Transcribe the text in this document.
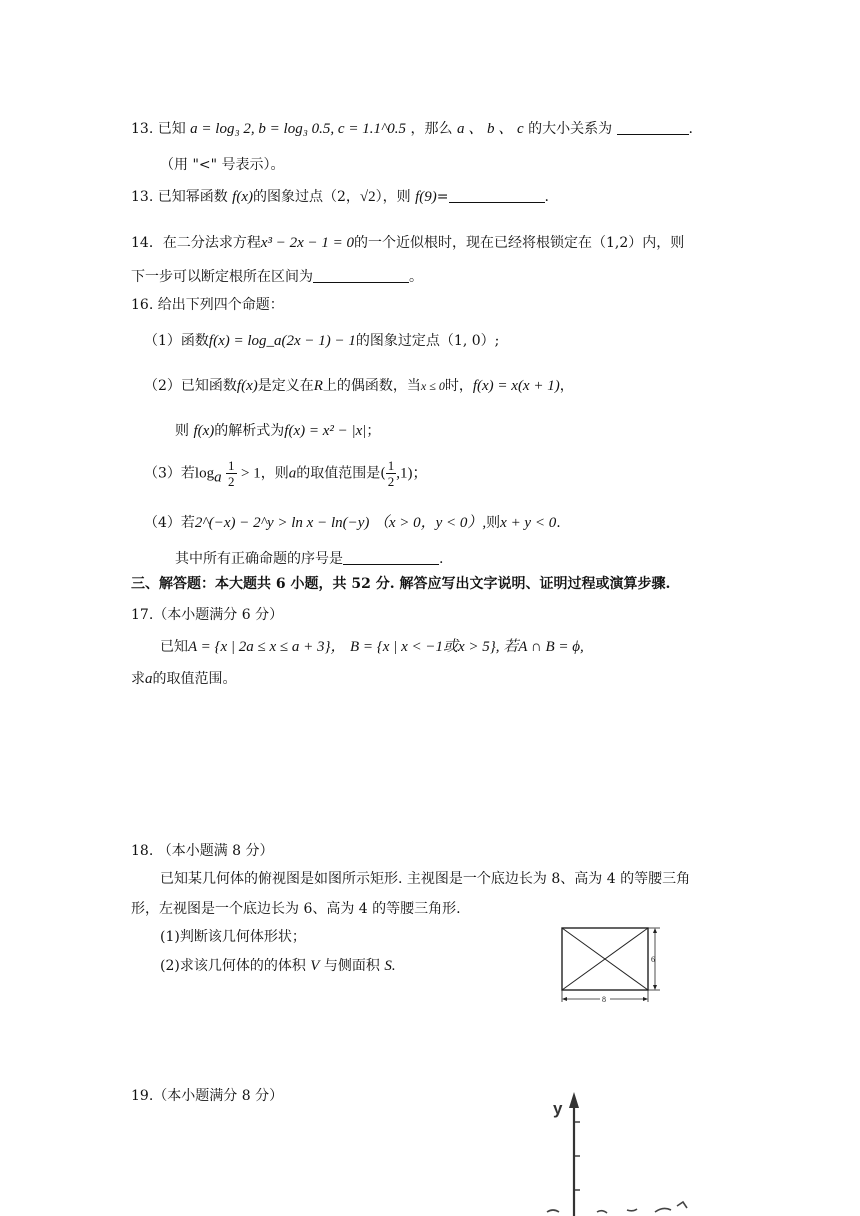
13. 已知 a = log₃ 2, b = log₃ 0.5, c = 1.1^0.5 ，那么 a 、 b 、 c 的大小关系为	.
（用 "<" 号表示）。
13. 已知幂函数 f(x)的图象过点（2，√2），则 f(9)=	.
14．在二分法求方程x³ − 2x − 1 = 0的一个近似根时，现在已经将根锁定在（1,2）内，则
下一步可以断定根所在区间为	。
16. 给出下列四个命题：
（1）函数f(x) = log_a(2x − 1) − 1的图象过定点（1, 0）;
（2）已知函数f(x)是定义在R上的偶函数，当x ≤ 0时，f(x) = x(x + 1)，
则 f(x)的解析式为f(x) = x² − |x|；
（3）若$\log_a \frac{1}{2} > 1$，则a的取值范围是( $\frac{1}{2} ,1$)；
（4）若2^(−x) − 2^y > ln x − ln(−y) （x > 0，y < 0）,则x + y < 0.
其中所有正确命题的序号是	.
三、解答题：本大题共 6 小题，共 52 分. 解答应写出文字说明、证明过程或演算步骤.
17.（本小题满分 6 分）
已知A = {x | 2a ≤ x ≤ a + 3}， B = {x | x < −1或x > 5}, 若A ∩ B = ϕ,
求a的取值范围。
18. （本小题满 8 分）
已知某几何体的俯视图是如图所示矩形. 主视图是一个底边长为 8、高为 4 的等腰三角
形，左视图是一个底边长为 6、高为 4 的等腰三角形.
(1)判断该几何体形状；
(2)求该几何体的的体积 V 与侧面积 S.	6
8
19.（本小题满分 8 分）
y
